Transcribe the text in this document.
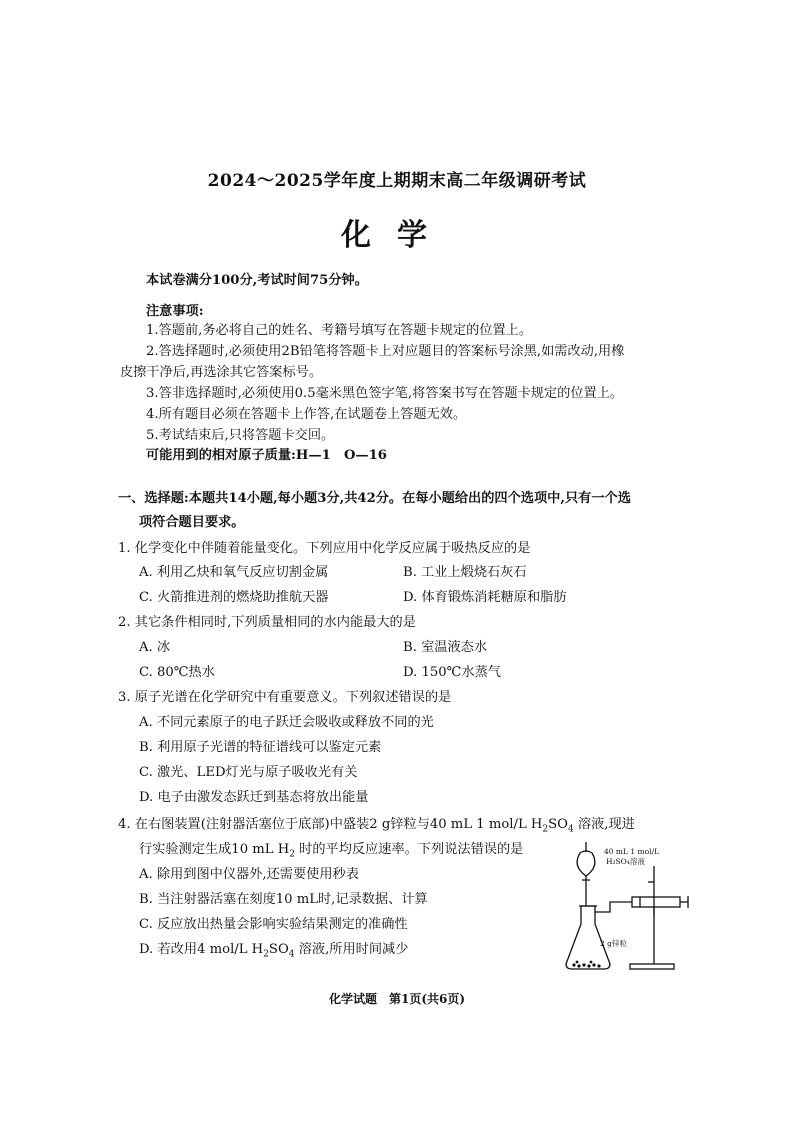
2024～2025学年度上期期末高二年级调研考试
化学
本试卷满分100分,考试时间75分钟。
注意事项:
1.答题前,务必将自己的姓名、考籍号填写在答题卡规定的位置上。
2.答选择题时,必须使用2B铅笔将答题卡上对应题目的答案标号涂黑,如需改动,用橡
皮擦干净后,再选涂其它答案标号。
3.答非选择题时,必须使用0.5毫米黑色签字笔,将答案书写在答题卡规定的位置上。
4.所有题目必须在答题卡上作答,在试题卷上答题无效。
5.考试结束后,只将答题卡交回。
可能用到的相对原子质量:H—1　O—16
一、选择题:本题共14小题,每小题3分,共42分。在每小题给出的四个选项中,只有一个选
项符合题目要求。
1. 化学变化中伴随着能量变化。下列应用中化学反应属于吸热反应的是
A. 利用乙炔和氧气反应切割金属	B. 工业上煅烧石灰石
C. 火箭推进剂的燃烧助推航天器	D. 体育锻炼消耗糖原和脂肪
2. 其它条件相同时,下列质量相同的水内能最大的是
A. 冰	B. 室温液态水
C. 80℃热水	D. 150℃水蒸气
3. 原子光谱在化学研究中有重要意义。下列叙述错误的是
A. 不同元素原子的电子跃迁会吸收或释放不同的光
B. 利用原子光谱的特征谱线可以鉴定元素
C. 激光、LED灯光与原子吸收光有关
D. 电子由激发态跃迁到基态将放出能量
4. 在右图装置(注射器活塞位于底部)中盛装2 g锌粒与40 mL 1 mol/L $H_2SO_4$ 溶液,现进
行实验测定生成10 mL $H_2$ 时的平均反应速率。下列说法错误的是
A. 除用到图中仪器外,还需要使用秒表
B. 当注射器活塞在刻度10 mL时,记录数据、计算
C. 反应放出热量会影响实验结果测定的准确性
D. 若改用4 mol/L $H_2SO_4$ 溶液,所用时间减少
40 mL 1 mol/L
H₂SO₄溶液
2 g锌粒
化学试题　第1页(共6页)
